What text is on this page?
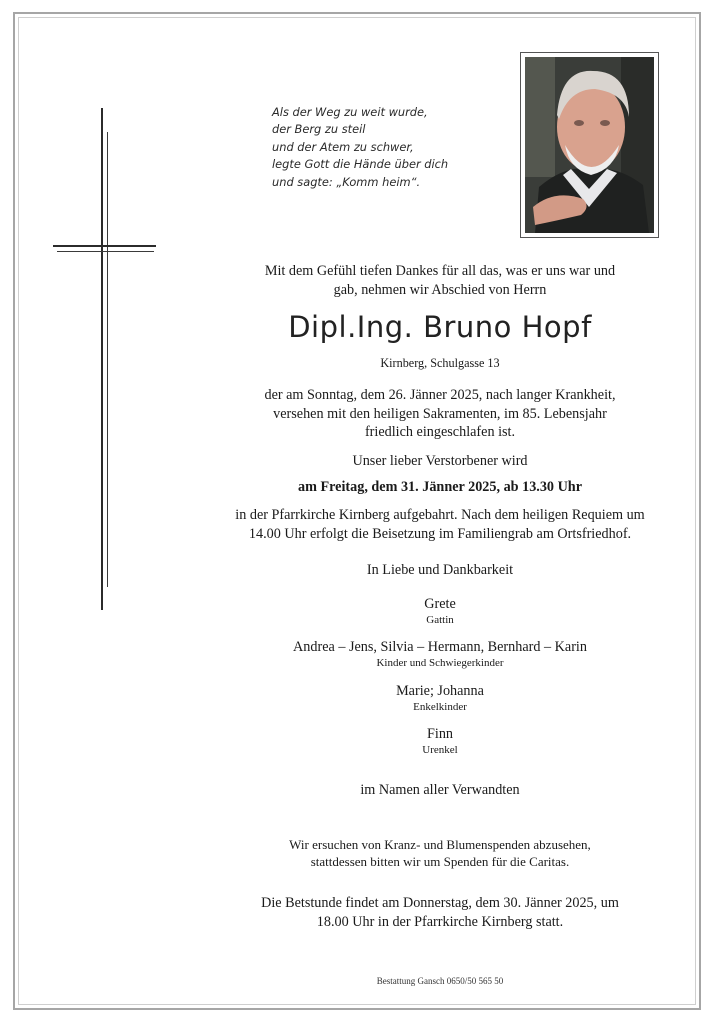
Als der Weg zu weit wurde,
der Berg zu steil
und der Atem zu schwer,
legte Gott die Hände über dich
und sagte: „Komm heim“.
Mit dem Gefühl tiefen Dankes für all das, was er uns war und
gab, nehmen wir Abschied von Herrn
Dipl.Ing. Bruno Hopf
Kirnberg, Schulgasse 13
der am Sonntag, dem 26. Jänner 2025, nach langer Krankheit,
versehen mit den heiligen Sakramenten, im 85. Lebensjahr
friedlich eingeschlafen ist.
Unser lieber Verstorbener wird
am Freitag, dem 31. Jänner 2025, ab 13.30 Uhr
in der Pfarrkirche Kirnberg aufgebahrt. Nach dem heiligen Requiem um
14.00 Uhr erfolgt die Beisetzung im Familiengrab am Ortsfriedhof.
In Liebe und Dankbarkeit
Grete
Gattin
Andrea – Jens, Silvia – Hermann, Bernhard – Karin
Kinder und Schwiegerkinder
Marie; Johanna
Enkelkinder
Finn
Urenkel
im Namen aller Verwandten
Wir ersuchen von Kranz- und Blumenspenden abzusehen,
stattdessen bitten wir um Spenden für die Caritas.
Die Betstunde findet am Donnerstag, dem 30. Jänner 2025, um
18.00 Uhr in der Pfarrkirche Kirnberg statt.
Bestattung Gansch 0650/50 565 50
